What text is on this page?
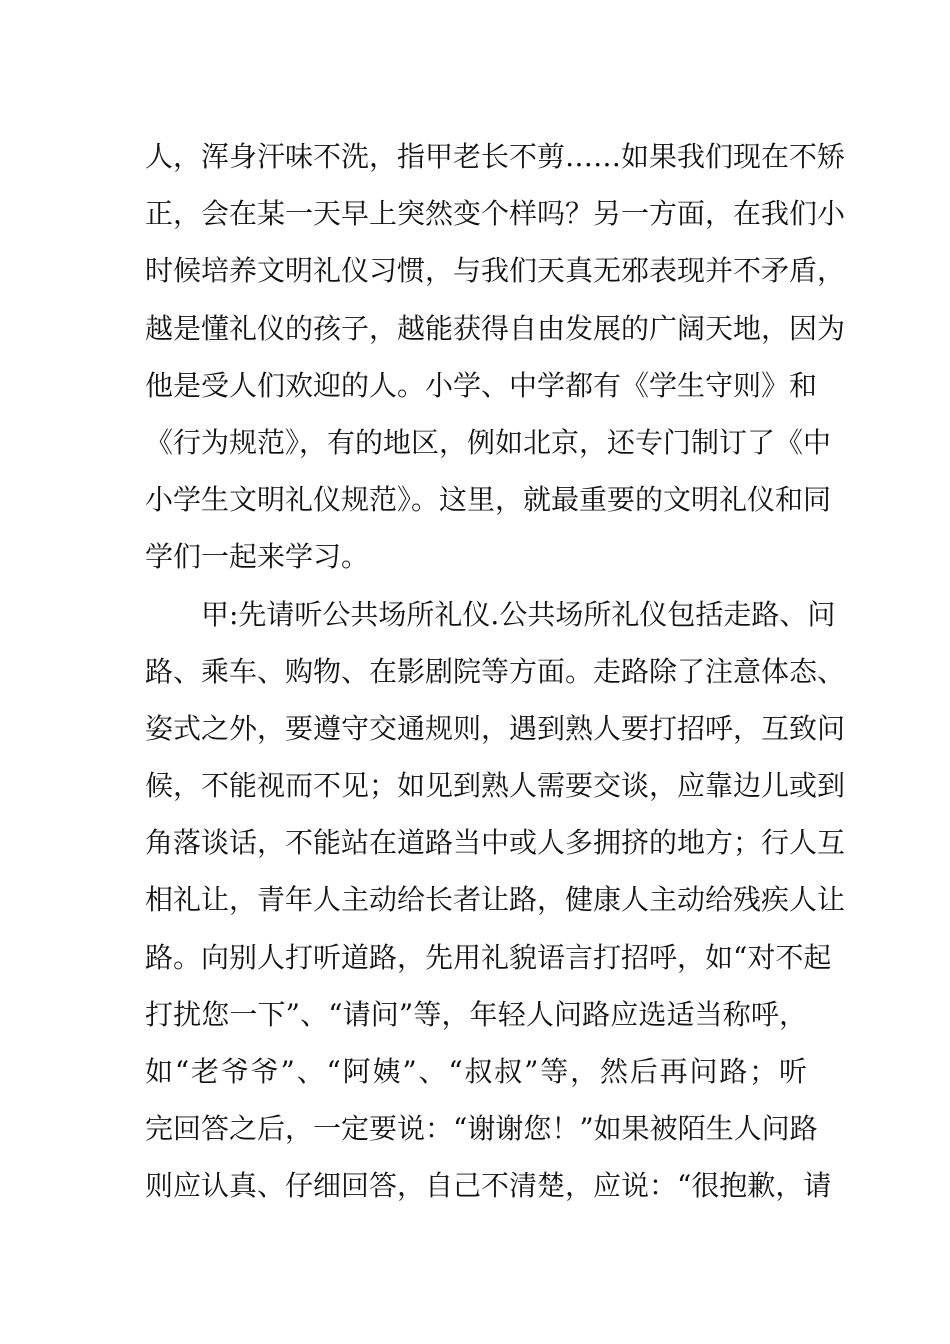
人，浑身汗味不洗，指甲老长不剪……如果我们现在不矫
正，会在某一天早上突然变个样吗？另一方面，在我们小
时候培养文明礼仪习惯，与我们天真无邪表现并不矛盾，
越是懂礼仪的孩子，越能获得自由发展的广阔天地，因为
他是受人们欢迎的人。小学、中学都有《学生守则》和
《行为规范》，有的地区，例如北京，还专门制订了《中
小学生文明礼仪规范》。这里，就最重要的文明礼仪和同
学们一起来学习。
甲:先请听公共场所礼仪.公共场所礼仪包括走路、问
路、乘车、购物、在影剧院等方面。走路除了注意体态、
姿式之外，要遵守交通规则，遇到熟人要打招呼，互致问
候，不能视而不见；如见到熟人需要交谈，应靠边儿或到
角落谈话，不能站在道路当中或人多拥挤的地方；行人互
相礼让，青年人主动给长者让路，健康人主动给残疾人让
路。向别人打听道路，先用礼貌语言打招呼，如“对不起
打扰您一下”、“请问”等，年轻人问路应选适当称呼，
如“老爷爷”、“阿姨”、“叔叔”等，然后再问路；听
完回答之后，一定要说：“谢谢您！”如果被陌生人问路
则应认真、仔细回答，自己不清楚，应说：“很抱歉，请
